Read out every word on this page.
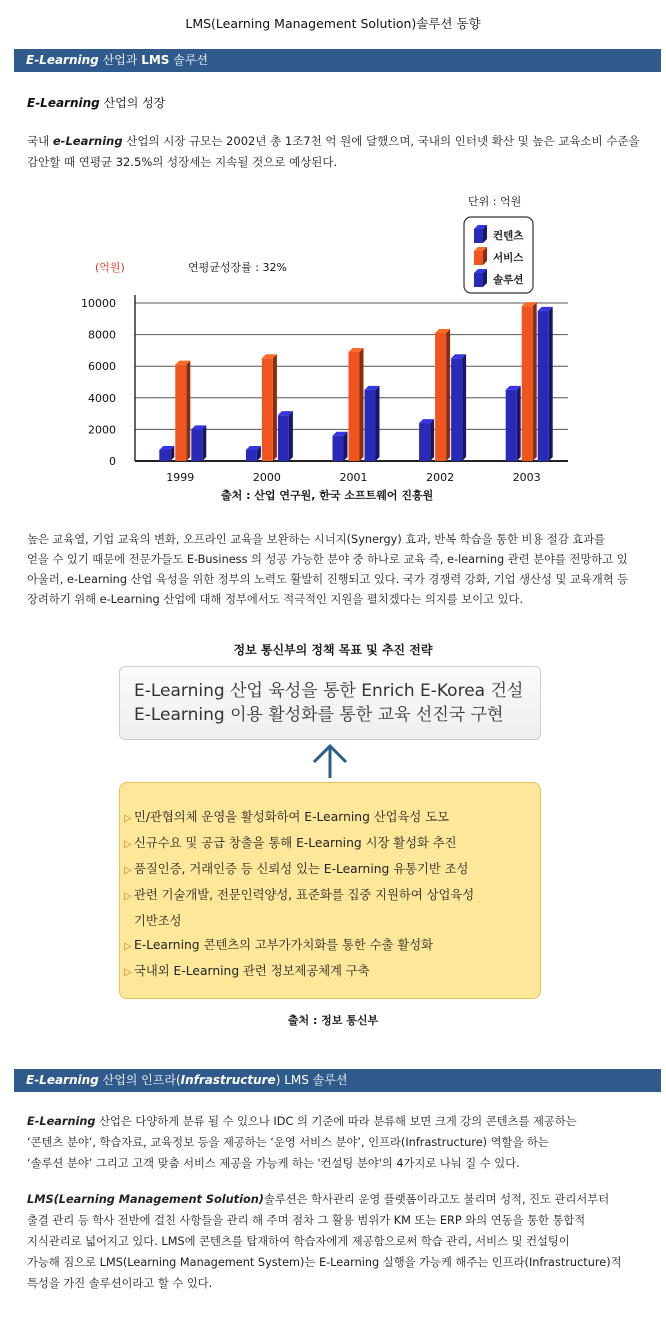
LMS(Learning Management Solution)솔루션 동향
E-Learning 산업과 LMS 솔루션
E-Learning 산업의 성장
국내 e-Learning 산업의 시장 규모는 2002년 총 1조7천 억 원에 달했으며, 국내의 인터넷 확산 및 높은 교육소비 수준을
감안할 때 연평균 32.5%의 성장세는 지속될 것으로 예상된다.
단위 : 억원
(억원)	연평균성장률 : 32%
컨텐츠
서비스
솔루션
0
2000
4000
6000
8000
10000
1999	2000	2001	2002	2003
출처 : 산업 연구원, 한국 소프트웨어 진흥원
높은 교육열, 기업 교육의 변화, 오프라인 교육을 보완하는 시너지(Synergy) 효과, 반복 학습을 통한 비용 절감 효과를
얻을 수 있기 때문에 전문가들도 E-Business 의 성공 가능한 분야 중 하나로 교육 즉, e-learning 관련 분야를 전망하고 있
아울러, e-Learning 산업 육성을 위한 정부의 노력도 활발히 진행되고 있다. 국가 경쟁력 강화, 기업 생산성 및 교육개혁 등
장려하기 위해 e-Learning 산업에 대해 정부에서도 적극적인 지원을 펼치겠다는 의지를 보이고 있다.
정보 통신부의 정책 목표 및 추진 전략
E-Learning 산업 육성을 통한 Enrich E-Korea 건설
E-Learning 이용 활성화를 통한 교육 선진국 구현
▷ 민/관협의체 운영을 활성화하여 E-Learning 산업육성 도모
▷ 신규수요 및 공급 창출을 통해 E-Learning 시장 활성화 추진
▷ 품질인증, 거래인증 등 신뢰성 있는 E-Learning 유통기반 조성
▷ 관련 기술개발, 전문인력양성, 표준화를 집중 지원하여 상업육성
기반조성
▷ E-Learning 콘텐츠의 고부가가치화를 통한 수출 활성화
▷ 국내외 E-Learning 관련 정보제공체계 구축
출처 : 정보 통신부
E-Learning 산업의 인프라(Infrastructure) LMS 솔루션
E-Learning 산업은 다양하게 분류 될 수 있으나 IDC 의 기준에 따라 분류해 보면 크게 강의 콘텐츠를 제공하는
‘콘텐츠 분야’, 학습자료, 교육정보 등을 제공하는 ‘운영 서비스 분야’, 인프라(Infrastructure) 역할을 하는
‘솔루션 분야’ 그리고 고객 맞춤 서비스 제공을 가능케 하는 '컨설팅 분야'의 4가지로 나눠 질 수 있다.
LMS(Learning Management Solution)솔루션은 학사관리 운영 플랫폼이라고도 불리며 성적, 진도 관리서부터
출결 관리 등 학사 전반에 걸친 사항들을 관리 해 주며 점차 그 활용 범위가 KM 또는 ERP 와의 연동을 통한 통합적
지식관리로 넓어지고 있다. LMS에 콘텐츠를 탑재하여 학습자에게 제공함으로써 학습 관리, 서비스 및 컨설팅이
가능해 짐으로 LMS(Learning Management System)는 E-Learning 실행을 가능케 해주는 인프라(Infrastructure)적
특성을 가진 솔루션이라고 할 수 있다.
